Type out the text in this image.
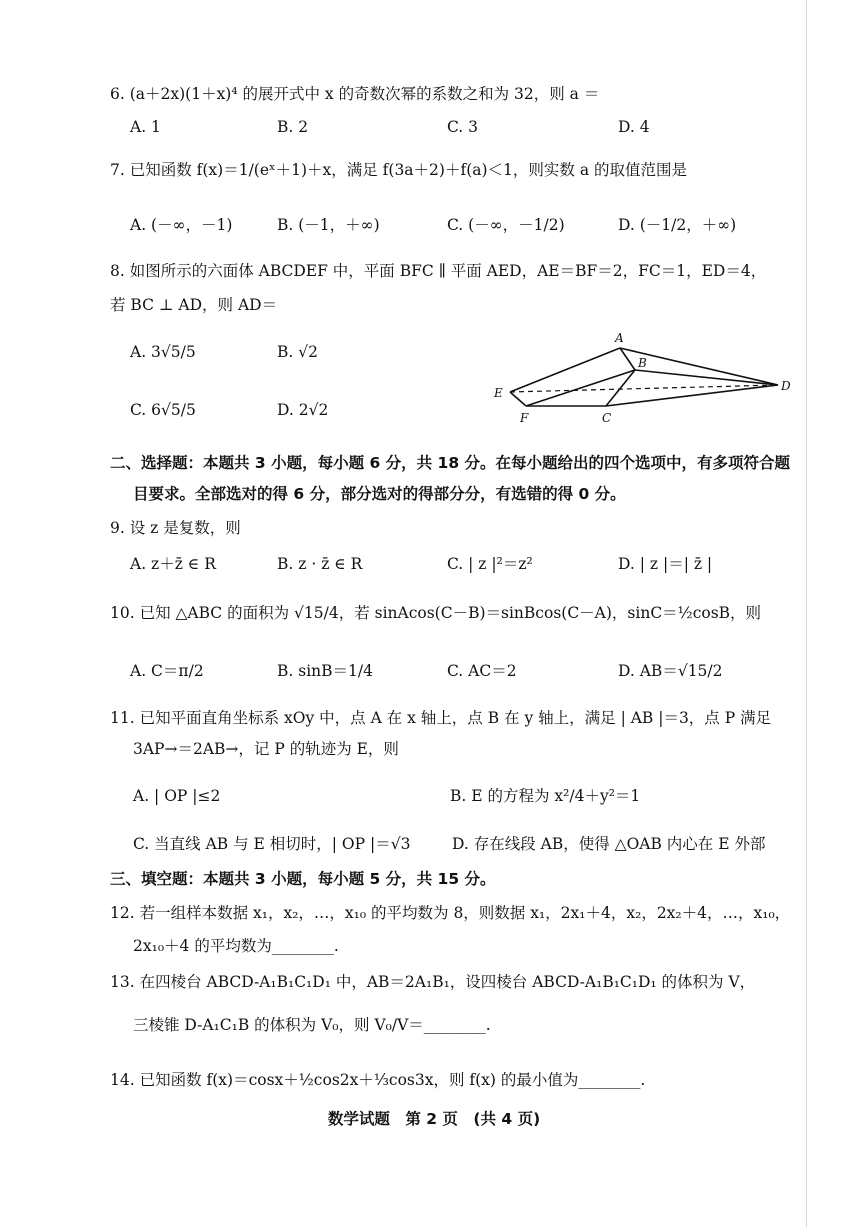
6. (a＋2x)(1＋x)⁴ 的展开式中 x 的奇数次幂的系数之和为 32，则 a ＝
A. 1	B. 2	C. 3	D. 4
7. 已知函数 f(x)＝1/(eˣ＋1)＋x，满足 f(3a＋2)＋f(a)＜1，则实数 a 的取值范围是
A. (－∞，－1)	B. (－1，＋∞)	C. (－∞，－1/2)	D. (－1/2，＋∞)
8. 如图所示的六面体 ABCDEF 中，平面 BFC ∥ 平面 AED，AE＝BF＝2，FC＝1，ED＝4，
若 BC ⊥ AD，则 AD＝
A. 3√5/5	B. √2
C. 6√5/5	D. 2√2
A
B
D
E
F	C
二、选择题：本题共 3 小题，每小题 6 分，共 18 分。在每小题给出的四个选项中，有多项符合题
目要求。全部选对的得 6 分，部分选对的得部分分，有选错的得 0 分。
9. 设 z 是复数，则
A. z＋z̄ ∈ R	B. z · z̄ ∈ R	C. | z |²＝z²	D. | z |＝| z̄ |
10. 已知 △ABC 的面积为 √15/4，若 sinAcos(C－B)＝sinBcos(C－A)，sinC＝½cosB，则
A. C＝π/2	B. sinB＝1/4	C. AC＝2	D. AB＝√15/2
11. 已知平面直角坐标系 xOy 中，点 A 在 x 轴上，点 B 在 y 轴上，满足 | AB |＝3，点 P 满足
3AP→＝2AB→，记 P 的轨迹为 E，则
A. | OP |≤2	B. E 的方程为 x²/4＋y²＝1
C. 当直线 AB 与 E 相切时，| OP |＝√3	D. 存在线段 AB，使得 △OAB 内心在 E 外部
三、填空题：本题共 3 小题，每小题 5 分，共 15 分。
12. 若一组样本数据 x₁，x₂，…，x₁₀ 的平均数为 8，则数据 x₁，2x₁＋4，x₂，2x₂＋4，…，x₁₀，
2x₁₀＋4 的平均数为________.
13. 在四棱台 ABCD-A₁B₁C₁D₁ 中，AB＝2A₁B₁，设四棱台 ABCD-A₁B₁C₁D₁ 的体积为 V，
三棱锥 D-A₁C₁B 的体积为 V₀，则 V₀/V＝________.
14. 已知函数 f(x)＝cosx＋½cos2x＋⅓cos3x，则 f(x) 的最小值为________.
数学试题　第 2 页　(共 4 页)
